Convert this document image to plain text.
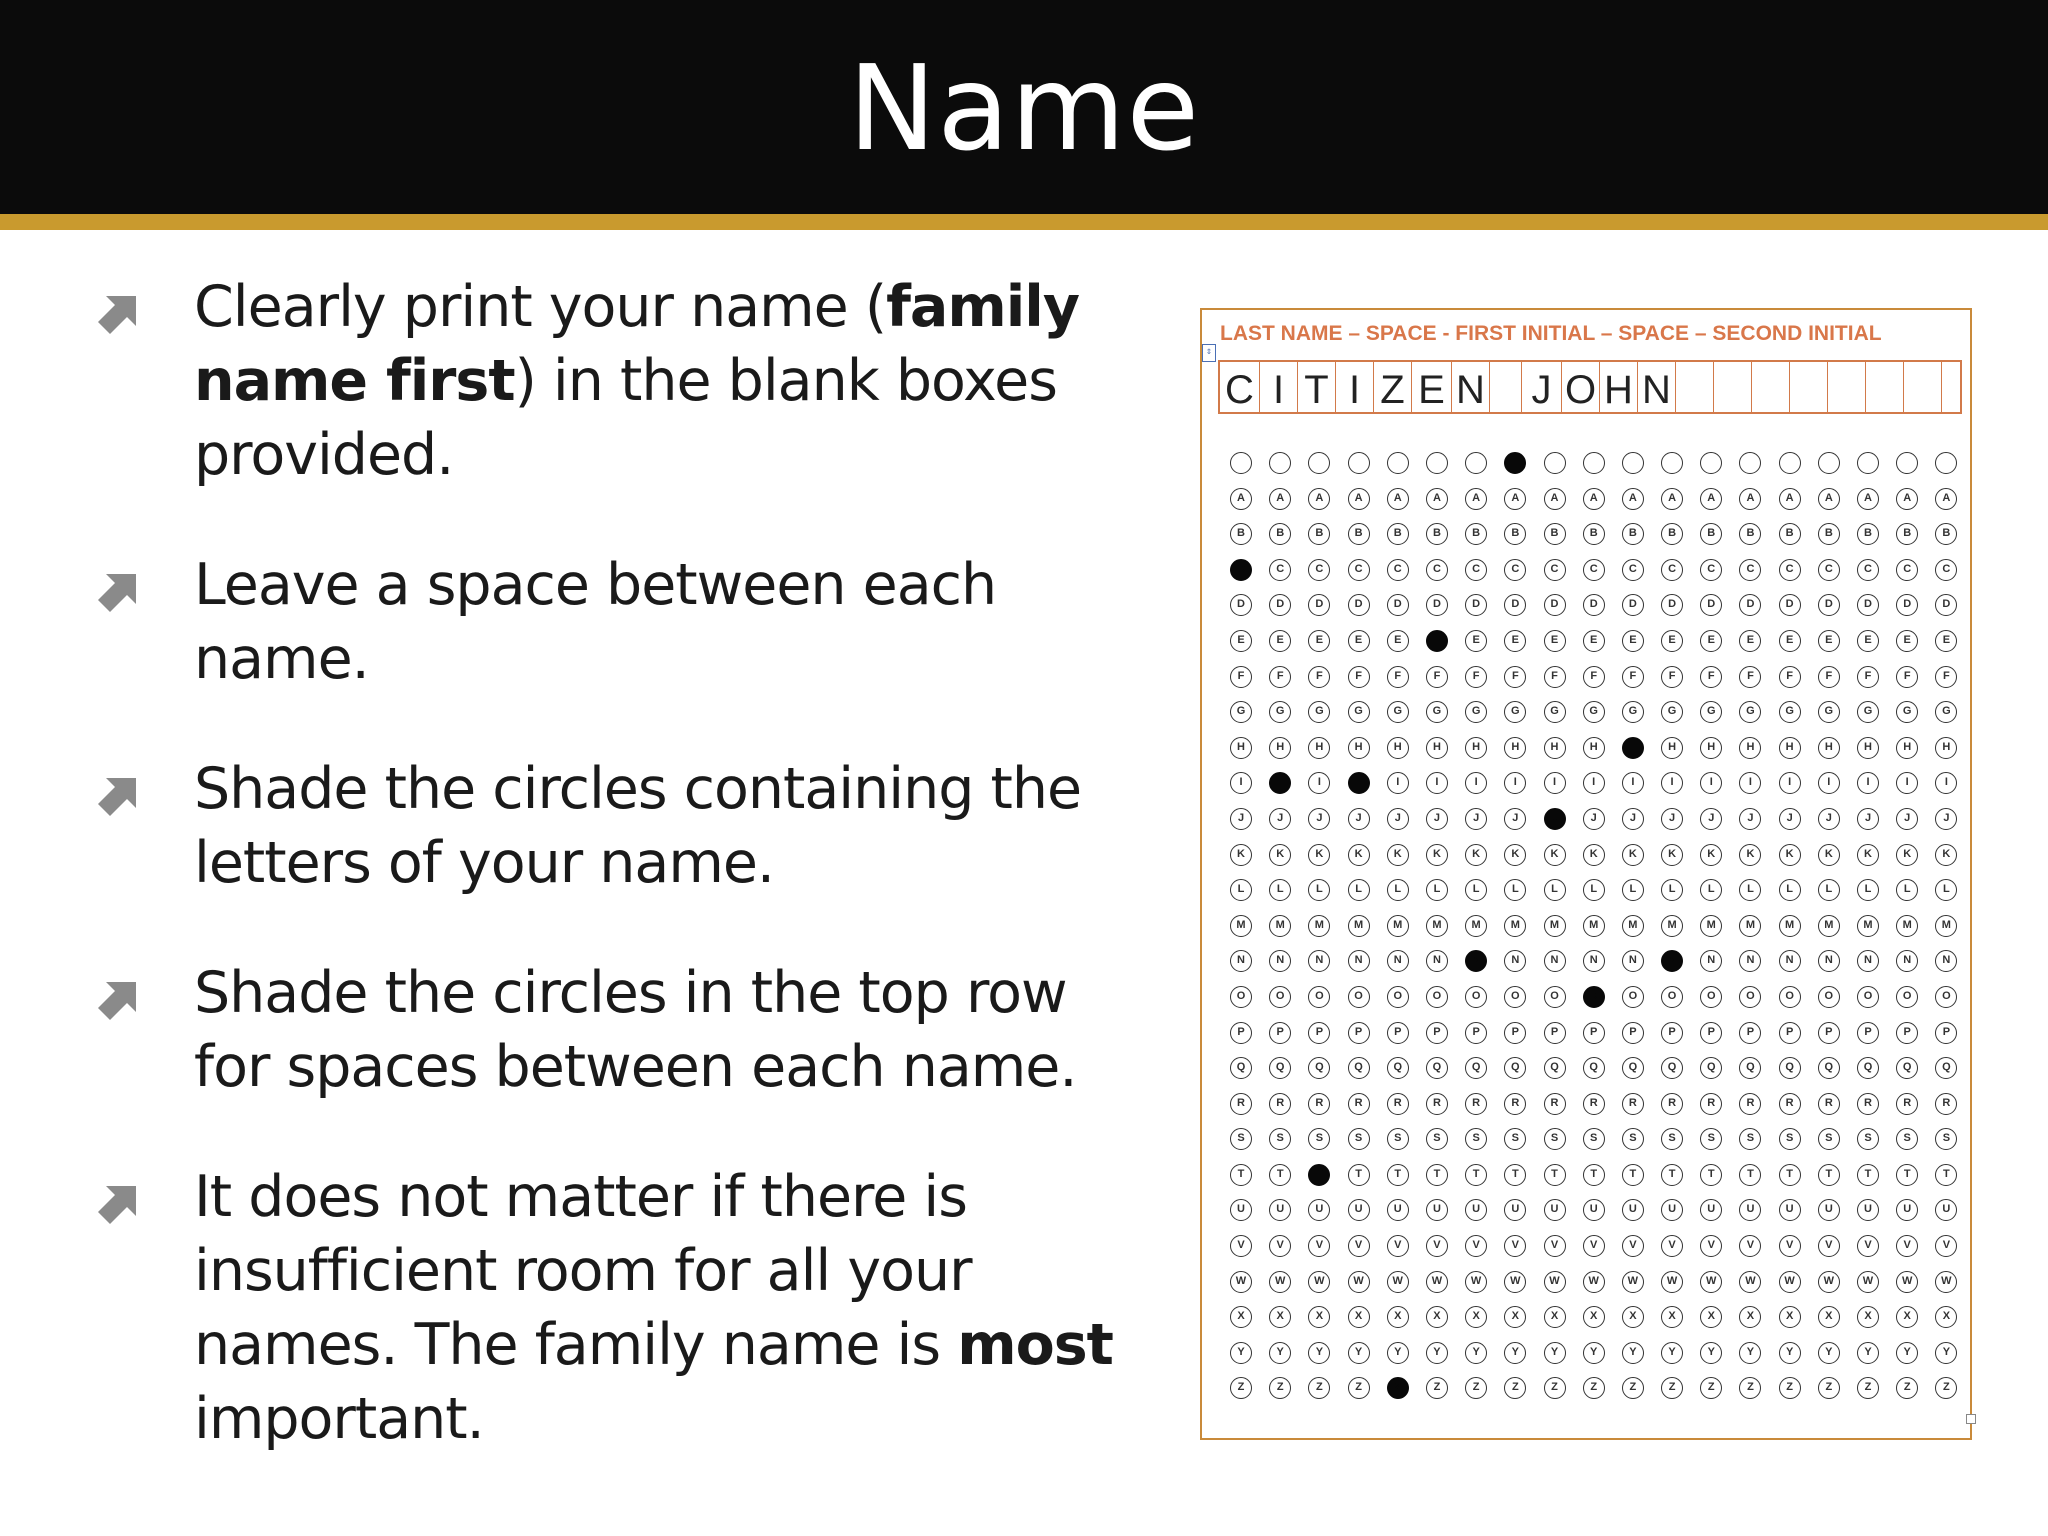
Name
Clearly print your name (family name first) in the blank boxes provided.
Leave a space between each name.
Shade the circles containing the letters of your name.
Shade the circles in the top row for spaces between each name.
It does not matter if there is insufficient room for all your names. The family name is most important.
LAST NAME – SPACE - FIRST INITIAL – SPACE – SECOND INITIAL
⇕
C I T I Z E N J O H N
A	A	A	A	A	A	A	A	A	A	A	A	A	A	A	A	A	A	A
B	B	B	B	B	B	B	B	B	B	B	B	B	B	B	B	B	B	B
C	C	C	C	C	C	C	C	C	C	C	C	C	C	C	C	C	C	C
D	D	D	D	D	D	D	D	D	D	D	D	D	D	D	D	D	D	D
E	E	E	E	E	E	E	E	E	E	E	E	E	E	E	E	E	E	E
F	F	F	F	F	F	F	F	F	F	F	F	F	F	F	F	F	F	F
G	G	G	G	G	G	G	G	G	G	G	G	G	G	G	G	G	G	G
H	H	H	H	H	H	H	H	H	H	H	H	H	H	H	H	H	H	H
I	I	I	I	I	I	I	I	I	I	I	I	I	I	I	I	I	I	I
J	J	J	J	J	J	J	J	J	J	J	J	J	J	J	J	J	J	J
K	K	K	K	K	K	K	K	K	K	K	K	K	K	K	K	K	K	K
L	L	L	L	L	L	L	L	L	L	L	L	L	L	L	L	L	L	L
M	M	M	M	M	M	M	M	M	M	M	M	M	M	M	M	M	M	M
N	N	N	N	N	N	N	N	N	N	N	N	N	N	N	N	N	N	N
O	O	O	O	O	O	O	O	O	O	O	O	O	O	O	O	O	O	O
P	P	P	P	P	P	P	P	P	P	P	P	P	P	P	P	P	P	P
Q	Q	Q	Q	Q	Q	Q	Q	Q	Q	Q	Q	Q	Q	Q	Q	Q	Q	Q
R	R	R	R	R	R	R	R	R	R	R	R	R	R	R	R	R	R	R
S	S	S	S	S	S	S	S	S	S	S	S	S	S	S	S	S	S	S
T	T	T	T	T	T	T	T	T	T	T	T	T	T	T	T	T	T	T
U	U	U	U	U	U	U	U	U	U	U	U	U	U	U	U	U	U	U
V	V	V	V	V	V	V	V	V	V	V	V	V	V	V	V	V	V	V
W	W	W	W	W	W	W	W	W	W	W	W	W	W	W	W	W	W	W
X	X	X	X	X	X	X	X	X	X	X	X	X	X	X	X	X	X	X
Y	Y	Y	Y	Y	Y	Y	Y	Y	Y	Y	Y	Y	Y	Y	Y	Y	Y	Y
Z	Z	Z	Z	Z	Z	Z	Z	Z	Z	Z	Z	Z	Z	Z	Z	Z	Z	Z
